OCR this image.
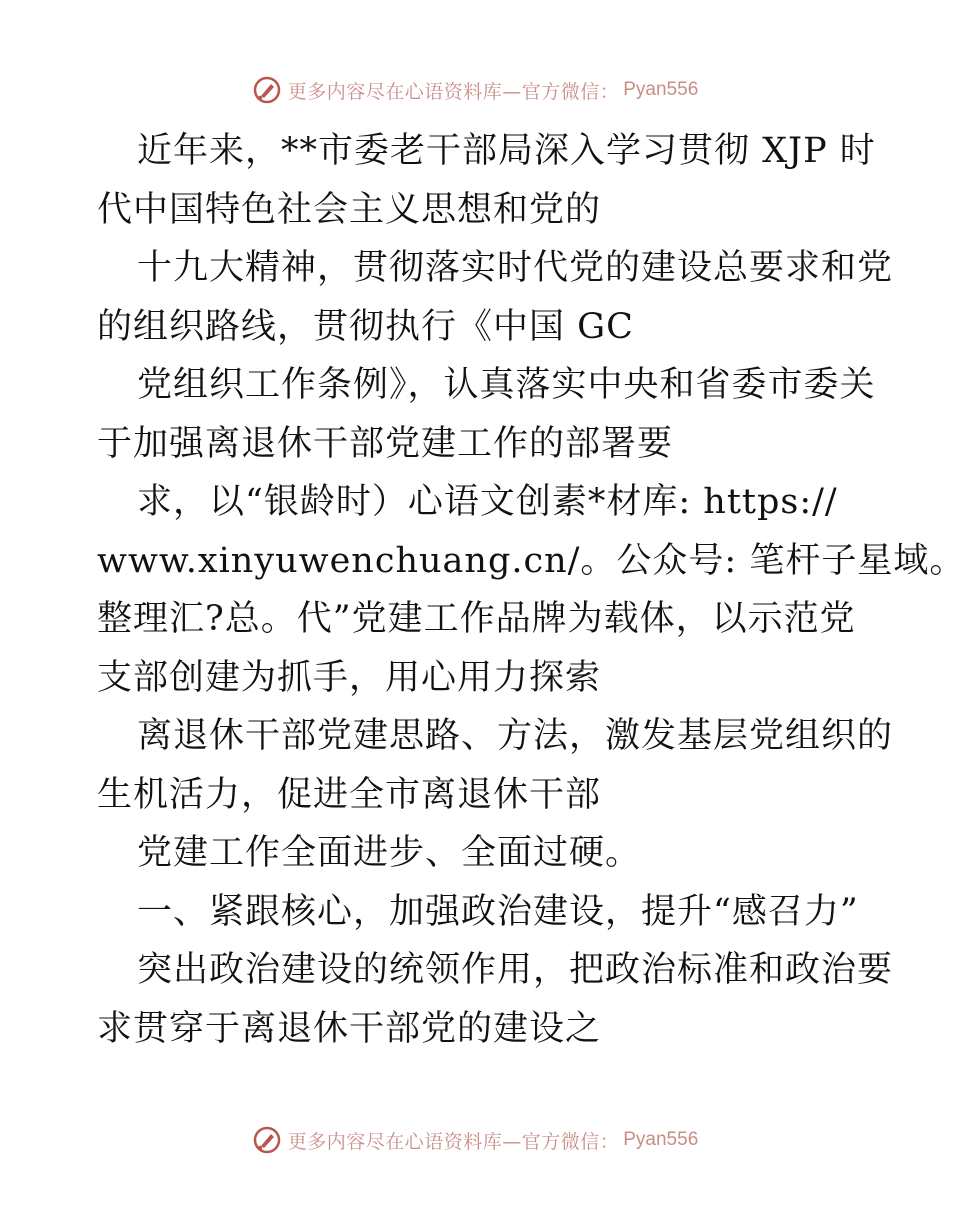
更多内容尽在心语资料库—官方微信： Pyan556
近年来，**市委老干部局深入学习贯彻 XJP 时
代中国特色社会主义思想和党的
十九大精神，贯彻落实时代党的建设总要求和党
的组织路线，贯彻执行《中国 GC
党组织工作条例》，认真落实中央和省委市委关
于加强离退休干部党建工作的部署要
求，以“银龄时）心语文创素*材库: https://
www.xinyuwenchuang.cn/。公众号: 笔杆子星域。
整理汇?总。代”党建工作品牌为载体，以示范党
支部创建为抓手，用心用力探索
离退休干部党建思路、方法，激发基层党组织的
生机活力，促进全市离退休干部
党建工作全面进步、全面过硬。
一、紧跟核心，加强政治建设，提升“感召力”
突出政治建设的统领作用，把政治标准和政治要
求贯穿于离退休干部党的建设之
更多内容尽在心语资料库—官方微信： Pyan556
